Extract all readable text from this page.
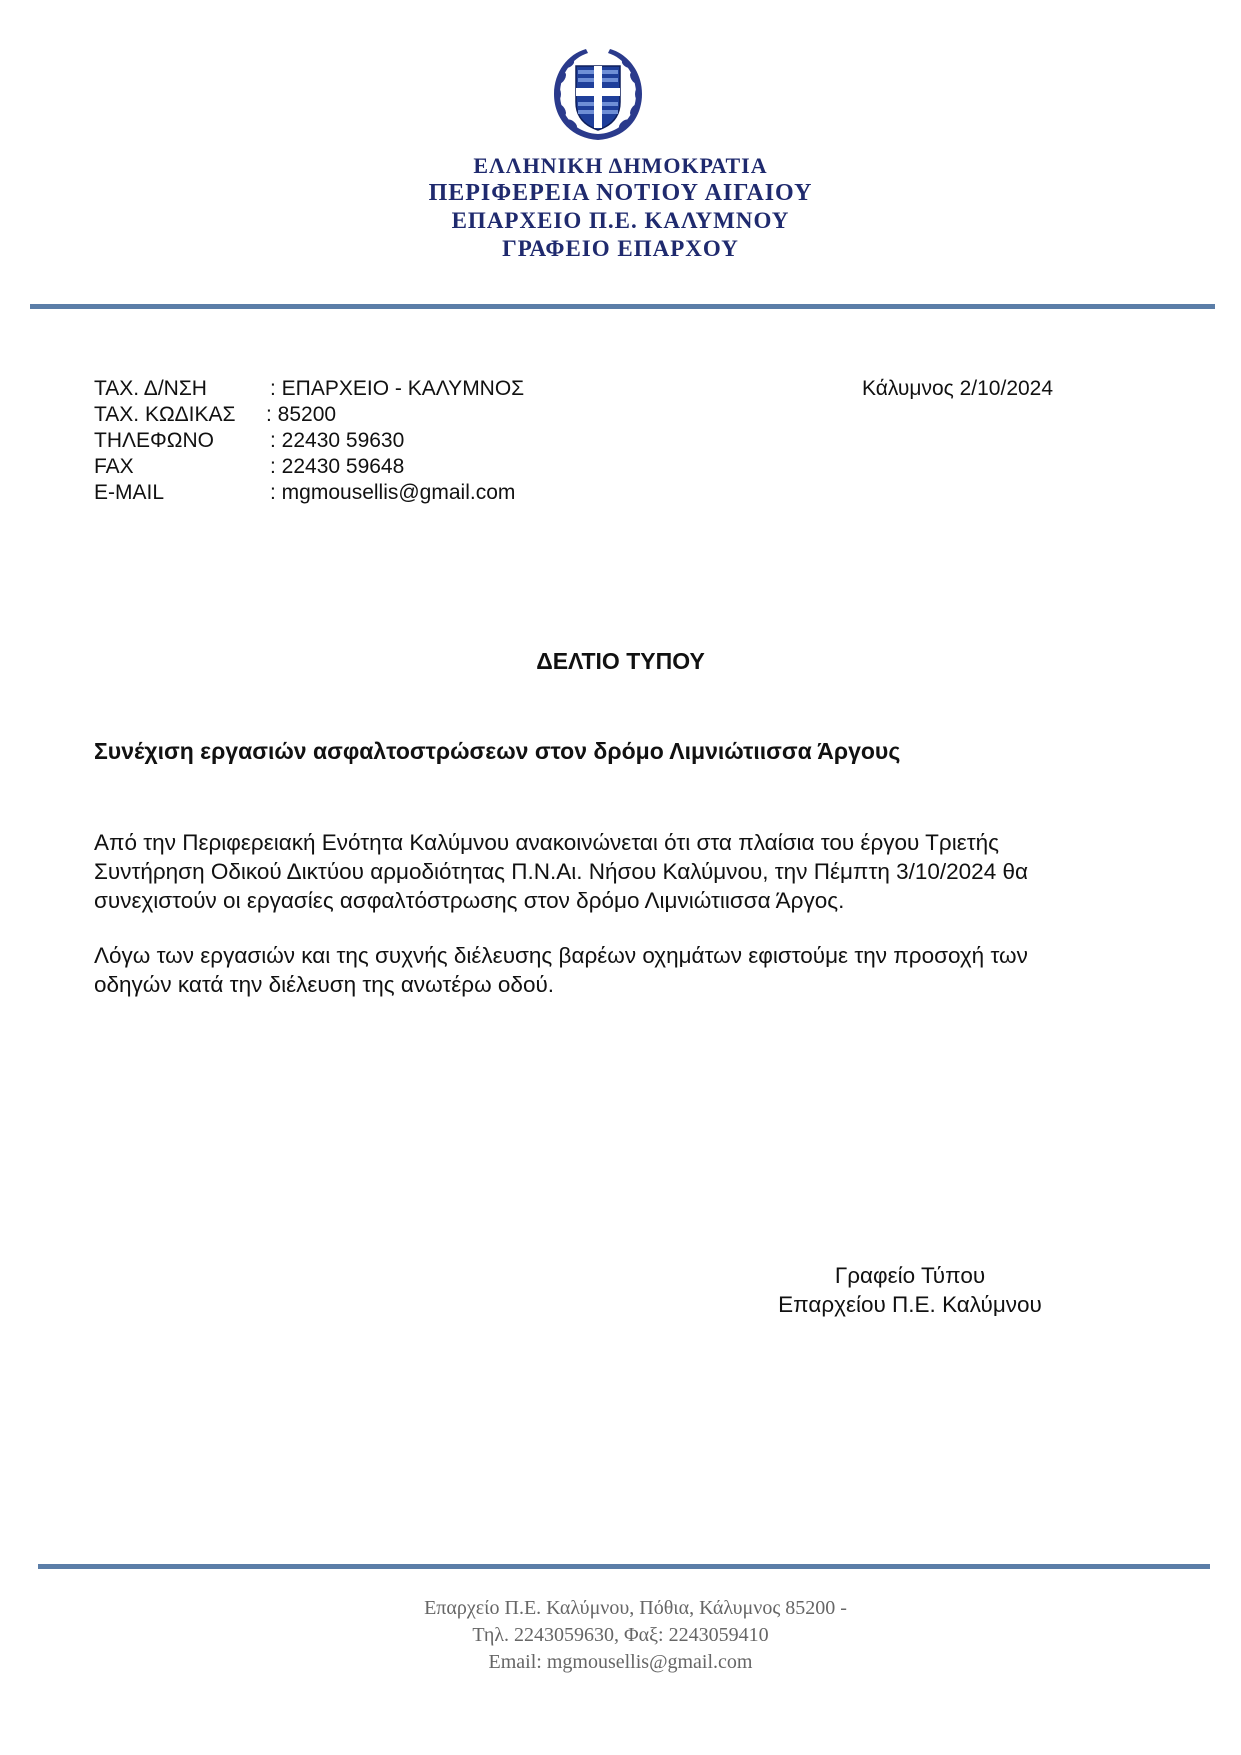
ΕΛΛΗΝΙΚΗ ΔΗΜΟΚΡΑΤΙΑ
ΠΕΡΙΦΕΡΕΙΑ ΝΟΤΙΟΥ ΑΙΓΑΙΟΥ
ΕΠΑΡΧΕΙΟ Π.Ε. ΚΑΛΥΜΝΟΥ
ΓΡΑΦΕΙΟ ΕΠΑΡΧΟΥ
ΤΑΧ. Δ/ΝΣΗ	: ΕΠΑΡΧΕΙΟ - ΚΑΛΥΜΝΟΣ
ΤΑΧ. ΚΩΔΙΚΑΣ : 85200
ΤΗΛΕΦΩΝΟ	: 22430 59630
FAX	: 22430 59648
E-MAIL	: mgmousellis@gmail.com
Κάλυμνος 2/10/2024
ΔΕΛΤΙΟ ΤΥΠΟΥ
Συνέχιση εργασιών ασφαλτοστρώσεων στον δρόμο Λιμνιώτιισσα Άργους
Από την Περιφερειακή Ενότητα Καλύμνου ανακοινώνεται ότι στα πλαίσια του έργου Τριετής
Συντήρηση Οδικού Δικτύου αρμοδιότητας Π.Ν.Αι. Νήσου Καλύμνου, την Πέμπτη 3/10/2024 θα
συνεχιστούν οι εργασίες ασφαλτόστρωσης στον δρόμο Λιμνιώτιισσα Άργος.
Λόγω των εργασιών και της συχνής διέλευσης βαρέων οχημάτων εφιστούμε την προσοχή των
οδηγών κατά την διέλευση της ανωτέρω οδού.
Γραφείο Τύπου
Επαρχείου Π.Ε. Καλύμνου
Επαρχείο Π.Ε. Καλύμνου, Πόθια, Κάλυμνος 85200 -
Τηλ. 2243059630, Φαξ: 2243059410
Email: mgmousellis@gmail.com
